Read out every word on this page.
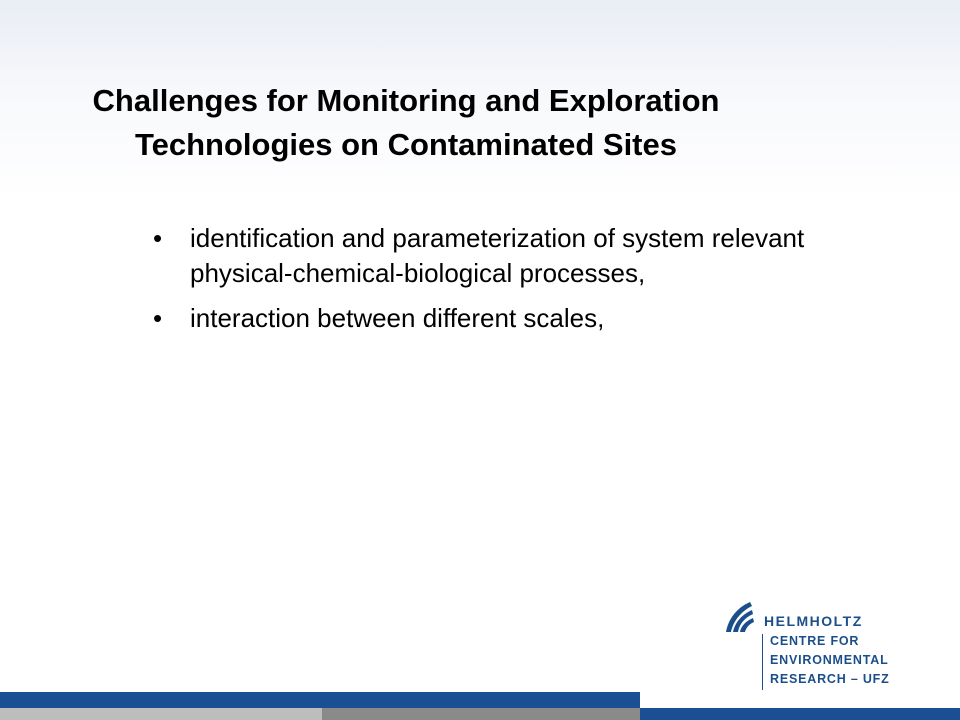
Challenges for Monitoring and Exploration
Technologies on Contaminated Sites
• identification and parameterization of system relevant
physical-chemical-biological processes,
• interaction between different scales,
HELMHOLTZ
CENTRE FOR
ENVIRONMENTAL
RESEARCH – UFZ
